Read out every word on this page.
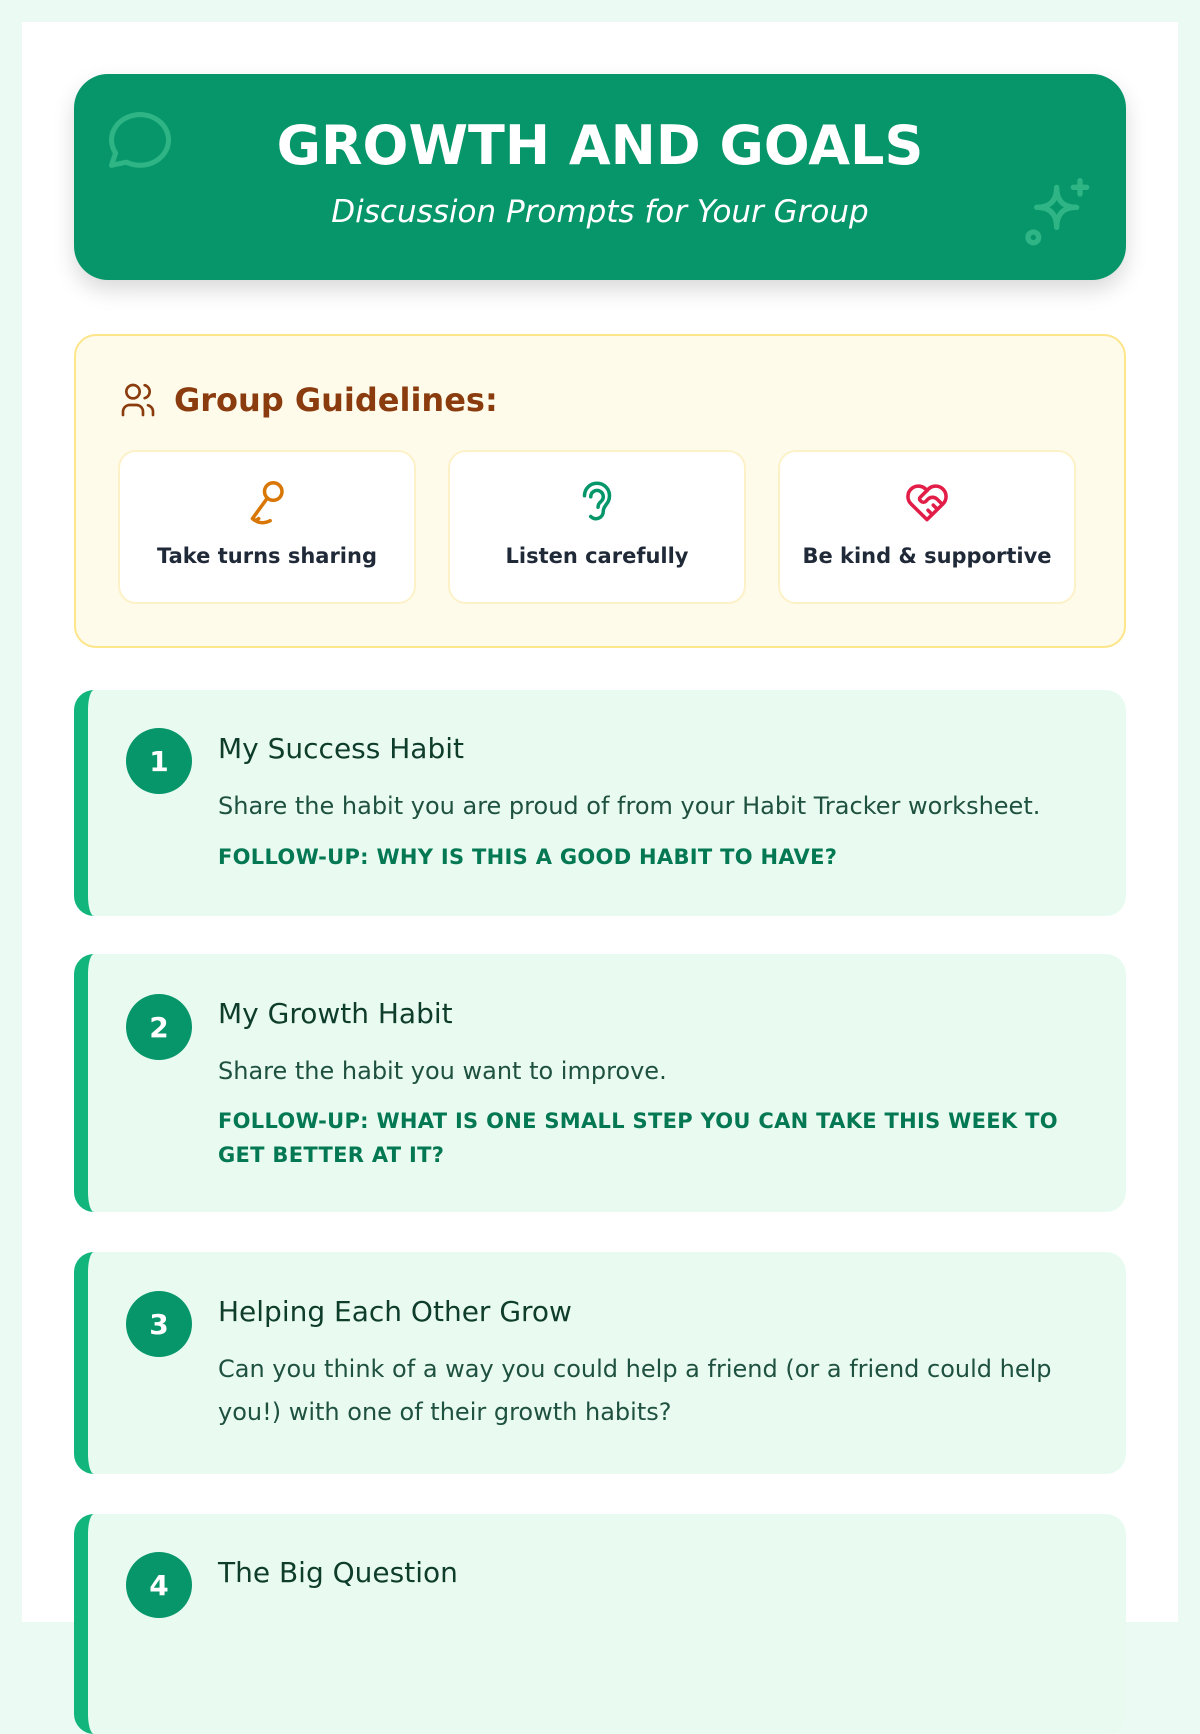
GROWTH AND GOALS
Discussion Prompts for Your Group
Group Guidelines:
Take turns sharing	Listen carefully	Be kind & supportive
1	My Success Habit
Share the habit you are proud of from your Habit Tracker worksheet.
FOLLOW-UP: WHY IS THIS A GOOD HABIT TO HAVE?
2	My Growth Habit
Share the habit you want to improve.
FOLLOW-UP: WHAT IS ONE SMALL STEP YOU CAN TAKE THIS WEEK TO GET BETTER AT IT?
3	Helping Each Other Grow
Can you think of a way you could help a friend (or a friend could help you!) with one of their growth habits?
4	The Big Question
